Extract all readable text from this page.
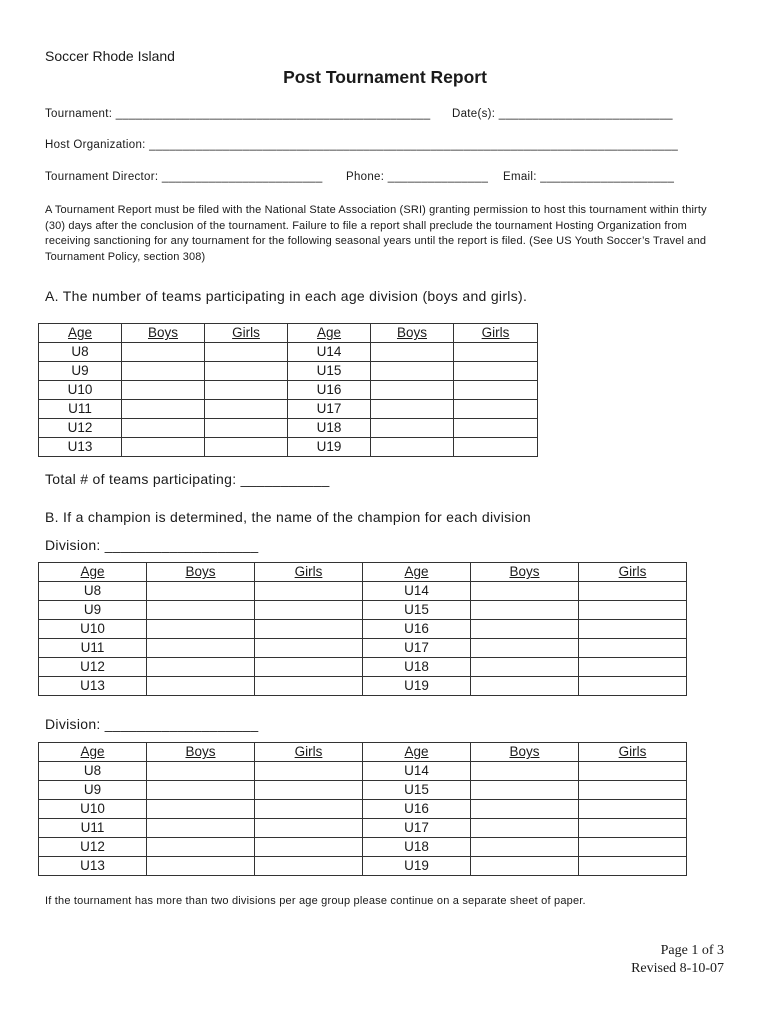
Soccer Rhode Island
Post Tournament Report
Tournament: _______________________________________________ Date(s): __________________________
Host Organization: _______________________________________________________________________________
Tournament Director: ________________________ Phone: _______________ Email: ____________________
A Tournament Report must be filed with the National State Association (SRI) granting permission to host this tournament within thirty (30) days after the conclusion of the tournament. Failure to file a report shall preclude the tournament Hosting Organization from receiving sanctioning for any tournament for the following seasonal years until the report is filed. (See US Youth Soccer’s Travel and Tournament Policy, section 308)
A. The number of teams participating in each age division (boys and girls).
Age	Boys	Girls	Age	Boys	Girls
U8			U14		
U9			U15		
U10			U16		
U11			U17		
U12			U18		
U13			U19		
Total # of teams participating: ___________
B. If a champion is determined, the name of the champion for each division
Division: ___________________
Age	Boys	Girls	Age	Boys	Girls
U8			U14		
U9			U15		
U10			U16		
U11			U17		
U12			U18		
U13			U19		
Division: ___________________
Age	Boys	Girls	Age	Boys	Girls
U8			U14		
U9			U15		
U10			U16		
U11			U17		
U12			U18		
U13			U19		
If the tournament has more than two divisions per age group please continue on a separate sheet of paper.
Page 1 of 3
Revised 8-10-07
